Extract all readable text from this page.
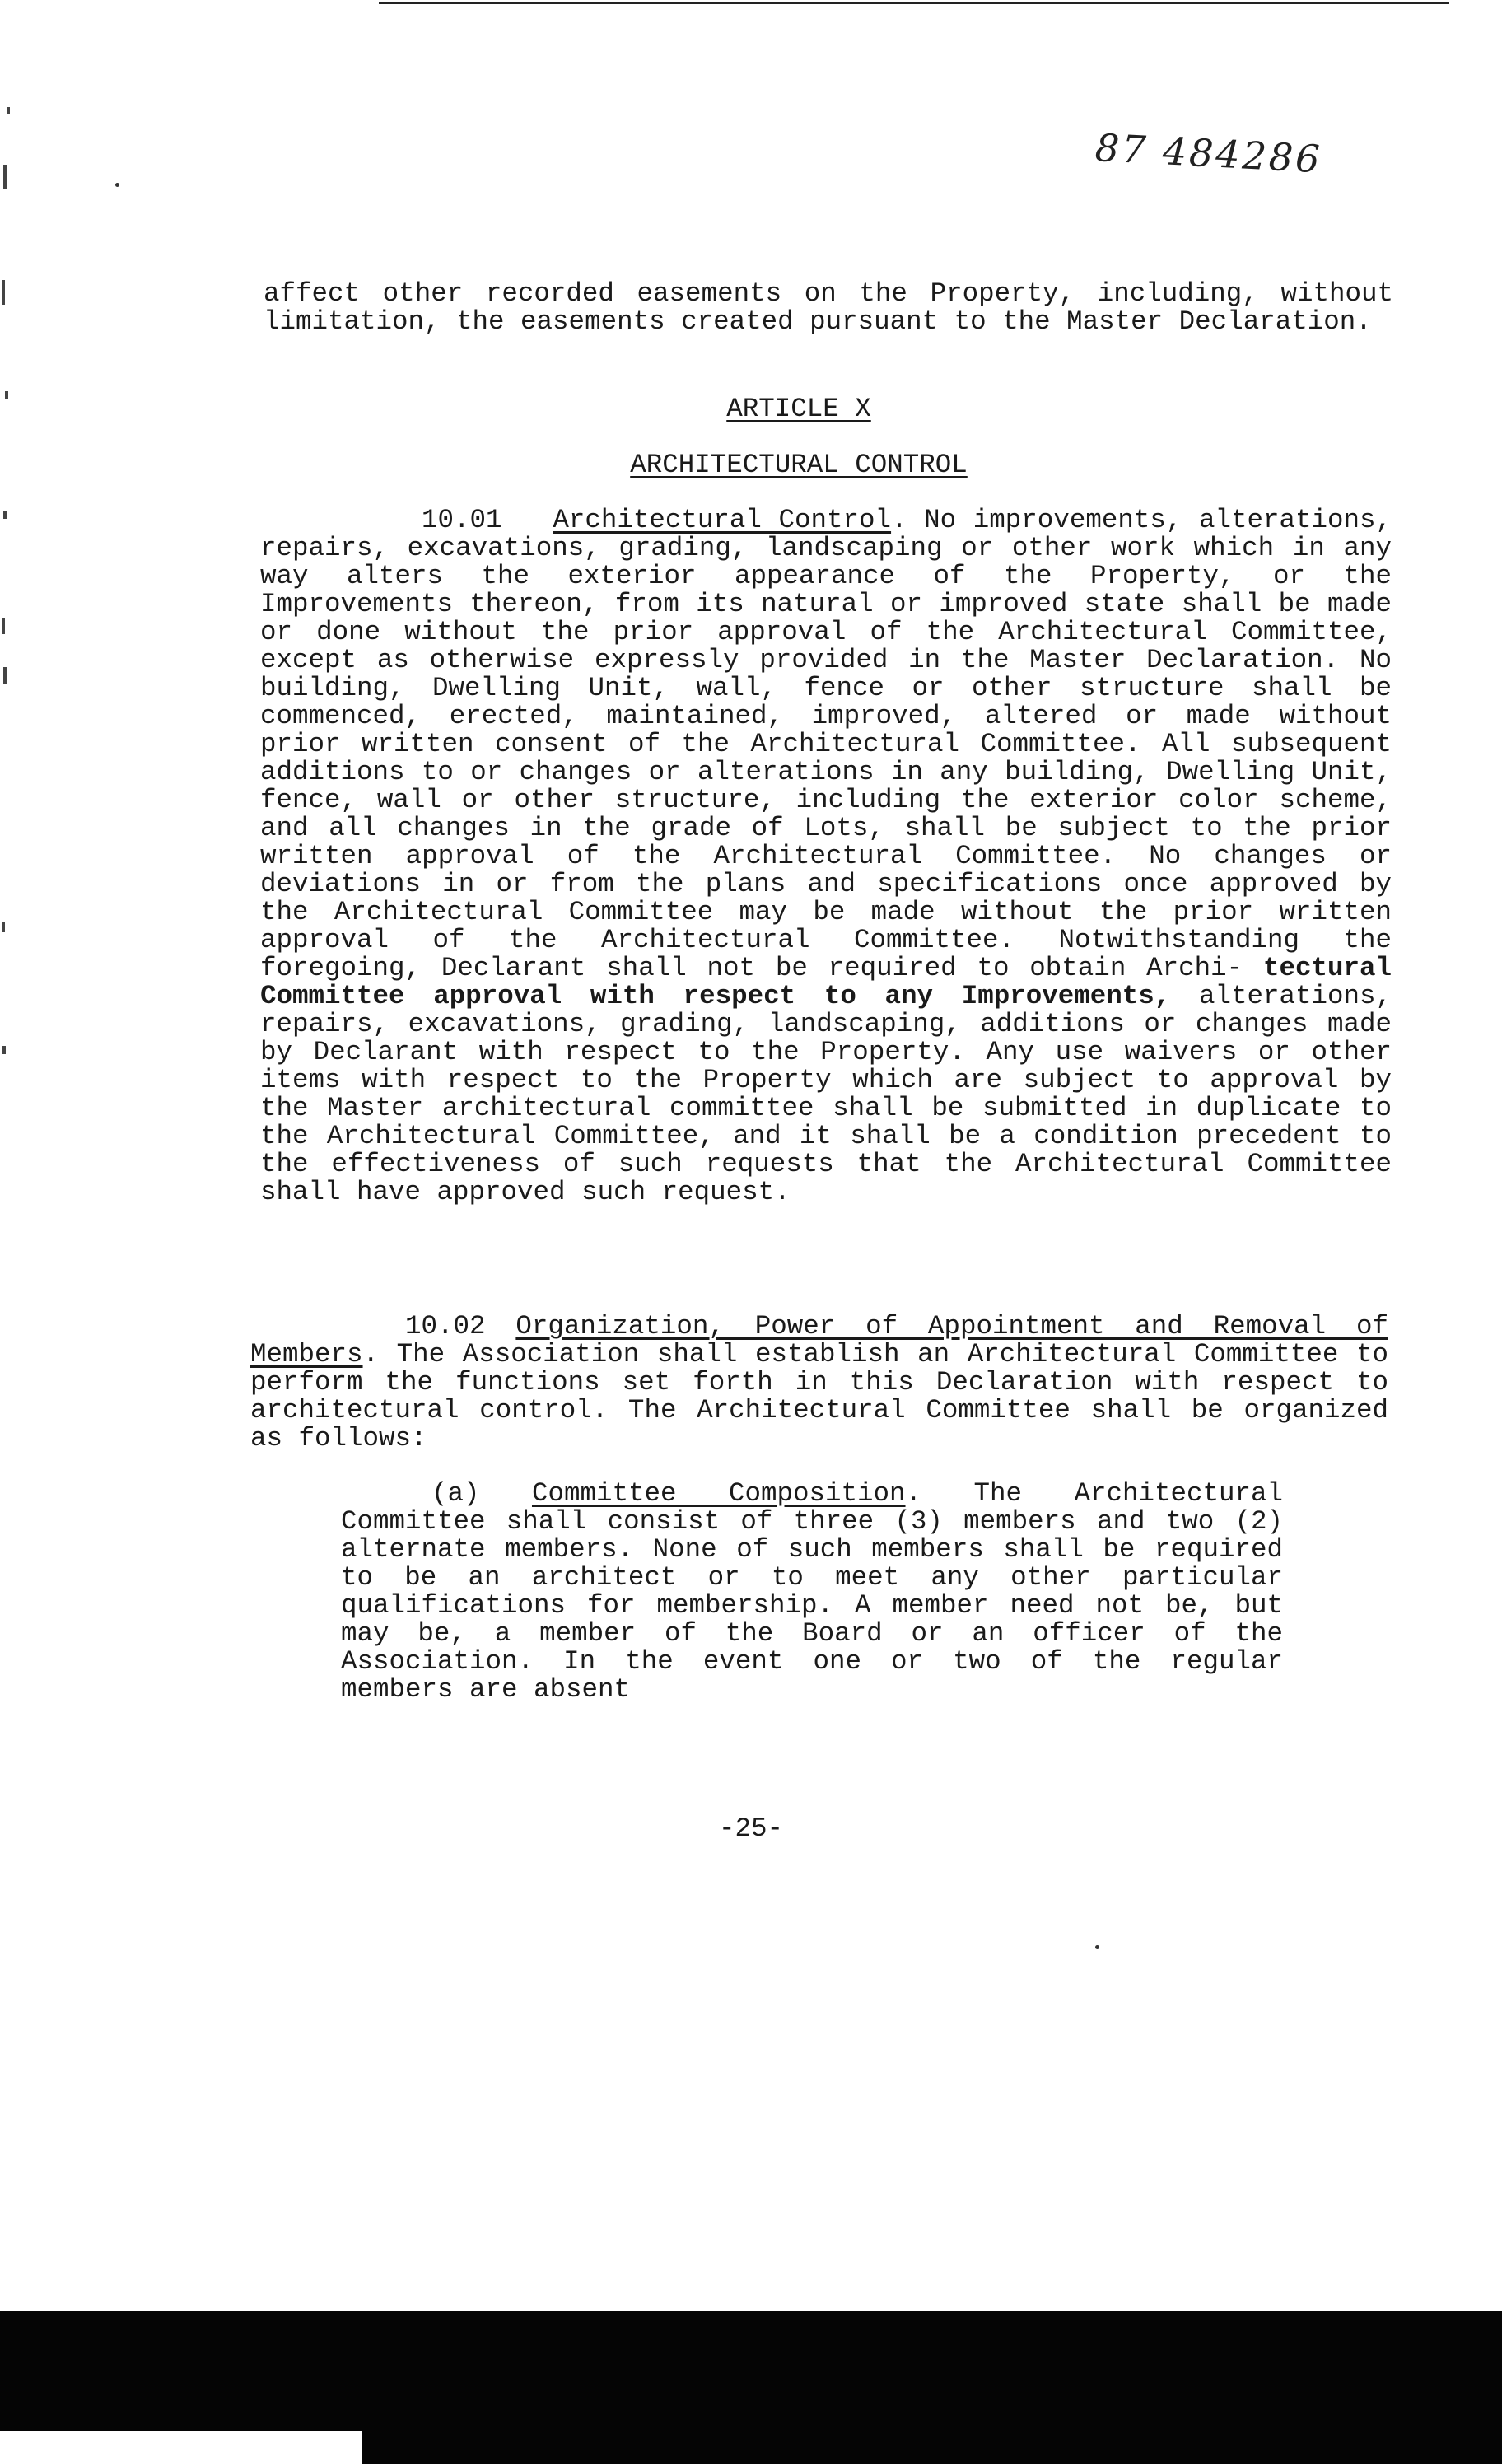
87 484286

affect other recorded easements on the Property, including, without limitation, the easements created pursuant to the Master Declaration.

ARTICLE X
ARCHITECTURAL CONTROL

10.01 Architectural Control. No improvements, alterations, repairs, excavations, grading, landscaping or other work which in any way alters the exterior appearance of the Property, or the Improvements thereon, from its natural or improved state shall be made or done without the prior approval of the Architectural Committee, except as otherwise expressly provided in the Master Declaration. No building, Dwelling Unit, wall, fence or other structure shall be commenced, erected, maintained, improved, altered or made without prior written consent of the Architectural Committee. All subsequent additions to or changes or alterations in any building, Dwelling Unit, fence, wall or other structure, including the exterior color scheme, and all changes in the grade of Lots, shall be subject to the prior written approval of the Architectural Committee. No changes or deviations in or from the plans and specifications once approved by the Architectural Committee may be made without the prior written approval of the Architectural Committee. Notwithstanding the foregoing, Declarant shall not be required to obtain Archi- tectural Committee approval with respect to any Improvements, alterations, repairs, excavations, grading, landscaping, additions or changes made by Declarant with respect to the Property. Any use waivers or other items with respect to the Property which are subject to approval by the Master architectural committee shall be submitted in duplicate to the Architectural Committee, and it shall be a condition precedent to the effectiveness of such requests that the Architectural Committee shall have approved such request.

10.02 Organization, Power of Appointment and Removal of Members. The Association shall establish an Architectural Committee to perform the functions set forth in this Declaration with respect to architectural control. The Architectural Committee shall be organized as follows:

(a) Committee Composition. The Architectural Committee shall consist of three (3) members and two (2) alternate members. None of such members shall be required to be an architect or to meet any other particular qualifications for membership. A member need not be, but may be, a member of the Board or an officer of the Association. In the event one or two of the regular members are absent

-25-
